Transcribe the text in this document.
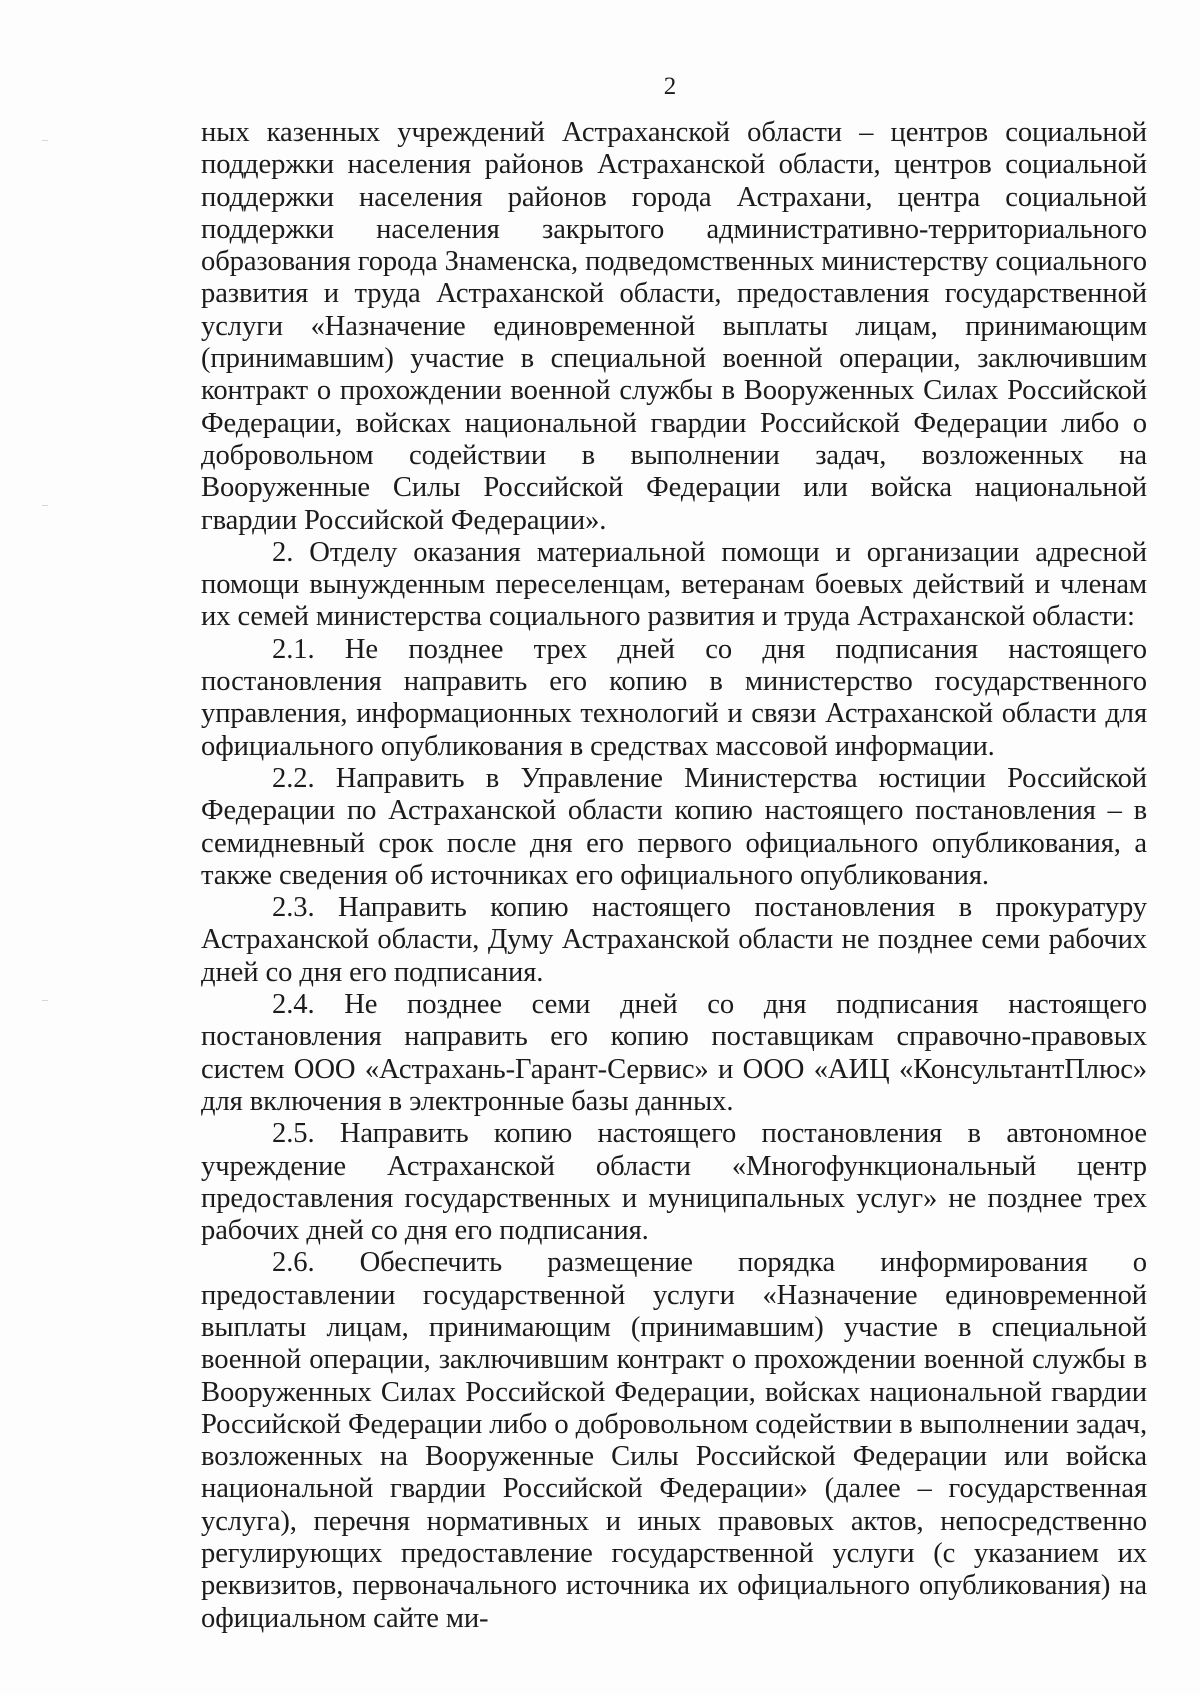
2

ных казенных учреждений Астраханской области – центров социальной поддержки населения районов Астраханской области, центров социальной поддержки населения районов города Астрахани, центра социальной поддержки населения закрытого административно-территориального образования города Знаменска, подведомственных министерству социального развития и труда Астраханской области, предоставления государственной услуги «Назначение единовременной выплаты лицам, принимающим (принимавшим) участие в специальной военной операции, заключившим контракт о прохождении военной службы в Вооруженных Силах Российской Федерации, войсках национальной гвардии Российской Федерации либо о добровольном содействии в выполнении задач, возложенных на Вооруженные Силы Российской Федерации или войска национальной гвардии Российской Федерации».

2. Отделу оказания материальной помощи и организации адресной помощи вынужденным переселенцам, ветеранам боевых действий и членам их семей министерства социального развития и труда Астраханской области:

2.1. Не позднее трех дней со дня подписания настоящего постановления направить его копию в министерство государственного управления, информационных технологий и связи Астраханской области для официального опубликования в средствах массовой информации.

2.2. Направить в Управление Министерства юстиции Российской Федерации по Астраханской области копию настоящего постановления – в семидневный срок после дня его первого официального опубликования, а также сведения об источниках его официального опубликования.

2.3. Направить копию настоящего постановления в прокуратуру Астраханской области, Думу Астраханской области не позднее семи рабочих дней со дня его подписания.

2.4. Не позднее семи дней со дня подписания настоящего постановления направить его копию поставщикам справочно-правовых систем ООО «Астрахань-Гарант-Сервис» и ООО «АИЦ «КонсультантПлюс» для включения в электронные базы данных.

2.5. Направить копию настоящего постановления в автономное учреждение Астраханской области «Многофункциональный центр предоставления государственных и муниципальных услуг» не позднее трех рабочих дней со дня его подписания.

2.6. Обеспечить размещение порядка информирования о предоставлении государственной услуги «Назначение единовременной выплаты лицам, принимающим (принимавшим) участие в специальной военной операции, заключившим контракт о прохождении военной службы в Вооруженных Силах Российской Федерации, войсках национальной гвардии Российской Федерации либо о добровольном содействии в выполнении задач, возложенных на Вооруженные Силы Российской Федерации или войска национальной гвардии Российской Федерации» (далее – государственная услуга), перечня нормативных и иных правовых актов, непосредственно регулирующих предоставление государственной услуги (с указанием их реквизитов, первоначального источника их официального опубликования) на официальном сайте ми-
